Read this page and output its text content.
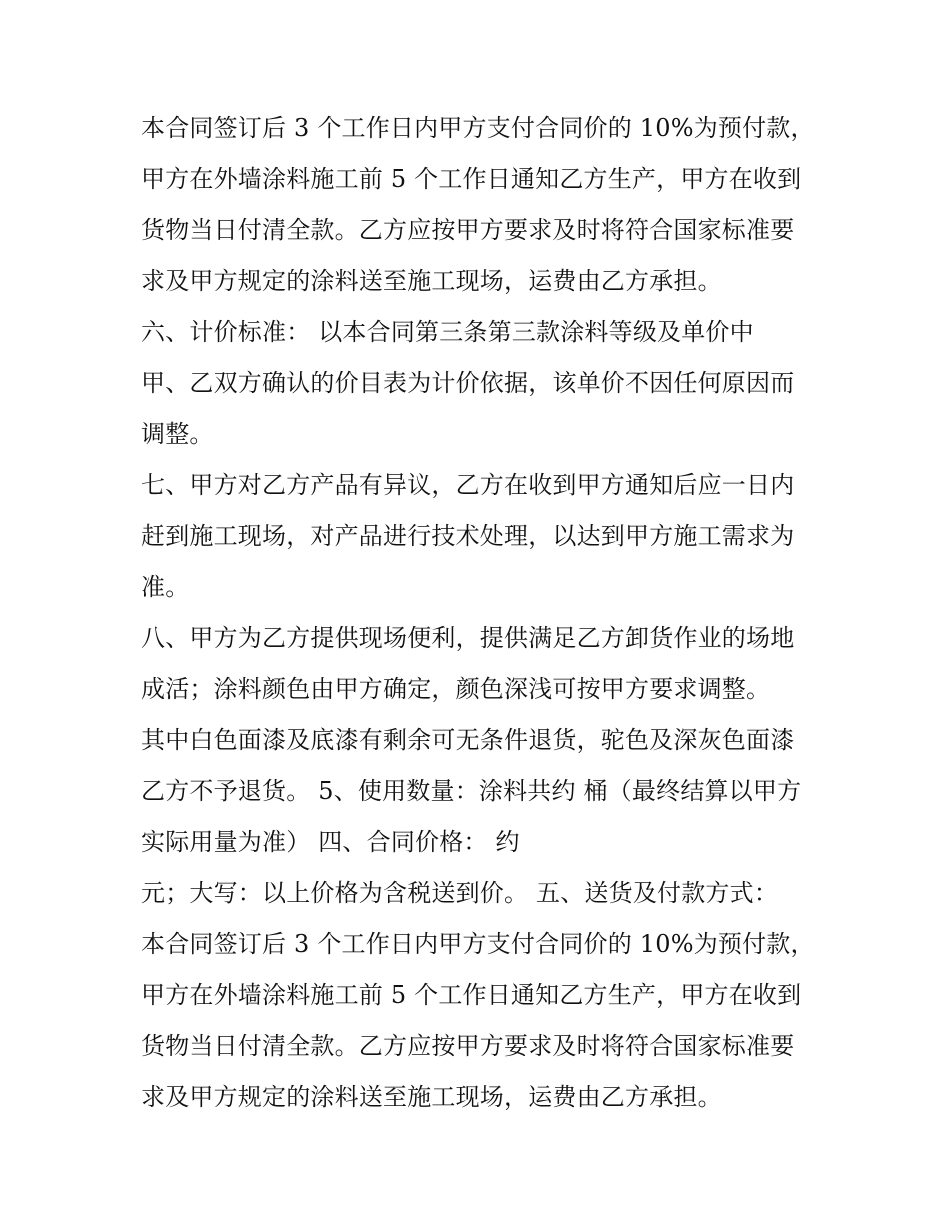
本合同签订后 3 个工作日内甲方支付合同价的 10%为预付款，
甲方在外墙涂料施工前 5 个工作日通知乙方生产，甲方在收到
货物当日付清全款。乙方应按甲方要求及时将符合国家标准要
求及甲方规定的涂料送至施工现场，运费由乙方承担。
六、计价标准： 以本合同第三条第三款涂料等级及单价中
甲、乙双方确认的价目表为计价依据，该单价不因任何原因而
调整。
七、甲方对乙方产品有异议，乙方在收到甲方通知后应一日内
赶到施工现场，对产品进行技术处理，以达到甲方施工需求为
准。
八、甲方为乙方提供现场便利，提供满足乙方卸货作业的场地
成活；涂料颜色由甲方确定，颜色深浅可按甲方要求调整。
其中白色面漆及底漆有剩余可无条件退货，驼色及深灰色面漆
乙方不予退货。 5、使用数量：涂料共约 桶（最终结算以甲方
实际用量为准） 四、合同价格： 约
元；大写：以上价格为含税送到价。 五、送货及付款方式：
本合同签订后 3 个工作日内甲方支付合同价的 10%为预付款，
甲方在外墙涂料施工前 5 个工作日通知乙方生产，甲方在收到
货物当日付清全款。乙方应按甲方要求及时将符合国家标准要
求及甲方规定的涂料送至施工现场，运费由乙方承担。
